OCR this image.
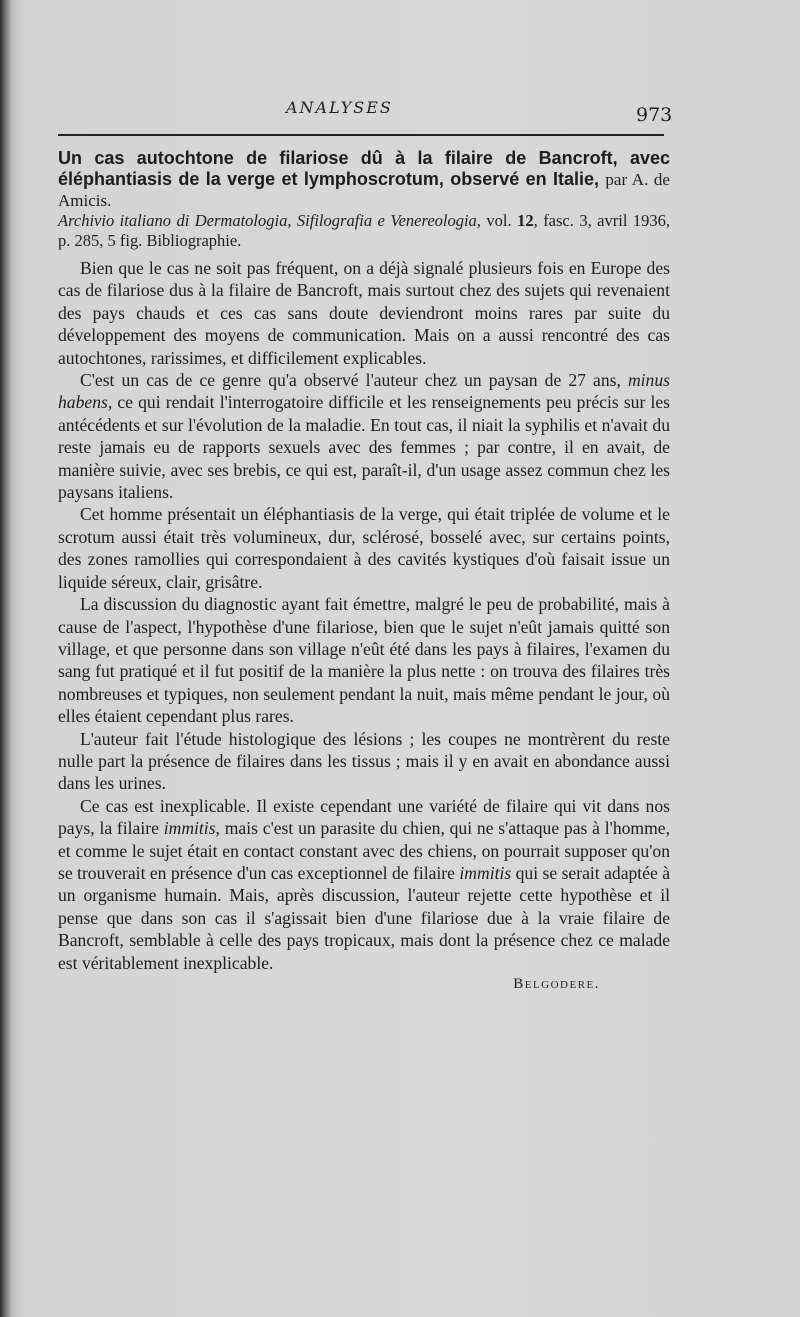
ANALYSES	973

Un cas autochtone de filariose dû à la filaire de Bancroft, avec éléphantiasis de la verge et lymphoscrotum, observé en Italie, par A. de Amicis.

Archivio italiano di Dermatologia, Sifilografia e Venereologia, vol. 12, fasc. 3, avril 1936, p. 285, 5 fig. Bibliographie.

Bien que le cas ne soit pas fréquent, on a déjà signalé plusieurs fois en Europe des cas de filariose dus à la filaire de Bancroft, mais surtout chez des sujets qui revenaient des pays chauds et ces cas sans doute deviendront moins rares par suite du développement des moyens de communication. Mais on a aussi rencontré des cas autochtones, rarissimes, et difficilement explicables.

C'est un cas de ce genre qu'a observé l'auteur chez un paysan de 27 ans, minus habens, ce qui rendait l'interrogatoire difficile et les renseignements peu précis sur les antécédents et sur l'évolution de la maladie. En tout cas, il niait la syphilis et n'avait du reste jamais eu de rapports sexuels avec des femmes ; par contre, il en avait, de manière suivie, avec ses brebis, ce qui est, paraît-il, d'un usage assez commun chez les paysans italiens.

Cet homme présentait un éléphantiasis de la verge, qui était triplée de volume et le scrotum aussi était très volumineux, dur, sclérosé, bosselé avec, sur certains points, des zones ramollies qui correspondaient à des cavités kystiques d'où faisait issue un liquide séreux, clair, grisâtre.

La discussion du diagnostic ayant fait émettre, malgré le peu de probabilité, mais à cause de l'aspect, l'hypothèse d'une filariose, bien que le sujet n'eût jamais quitté son village, et que personne dans son village n'eût été dans les pays à filaires, l'examen du sang fut pratiqué et il fut positif de la manière la plus nette : on trouva des filaires très nombreuses et typiques, non seulement pendant la nuit, mais même pendant le jour, où elles étaient cependant plus rares.

L'auteur fait l'étude histologique des lésions ; les coupes ne montrèrent du reste nulle part la présence de filaires dans les tissus ; mais il y en avait en abondance aussi dans les urines.

Ce cas est inexplicable. Il existe cependant une variété de filaire qui vit dans nos pays, la filaire immitis, mais c'est un parasite du chien, qui ne s'attaque pas à l'homme, et comme le sujet était en contact constant avec des chiens, on pourrait supposer qu'on se trouverait en présence d'un cas exceptionnel de filaire immitis qui se serait adaptée à un organisme humain. Mais, après discussion, l'auteur rejette cette hypothèse et il pense que dans son cas il s'agissait bien d'une filariose due à la vraie filaire de Bancroft, semblable à celle des pays tropicaux, mais dont la présence chez ce malade est véritablement inexplicable.

Belgodere.
